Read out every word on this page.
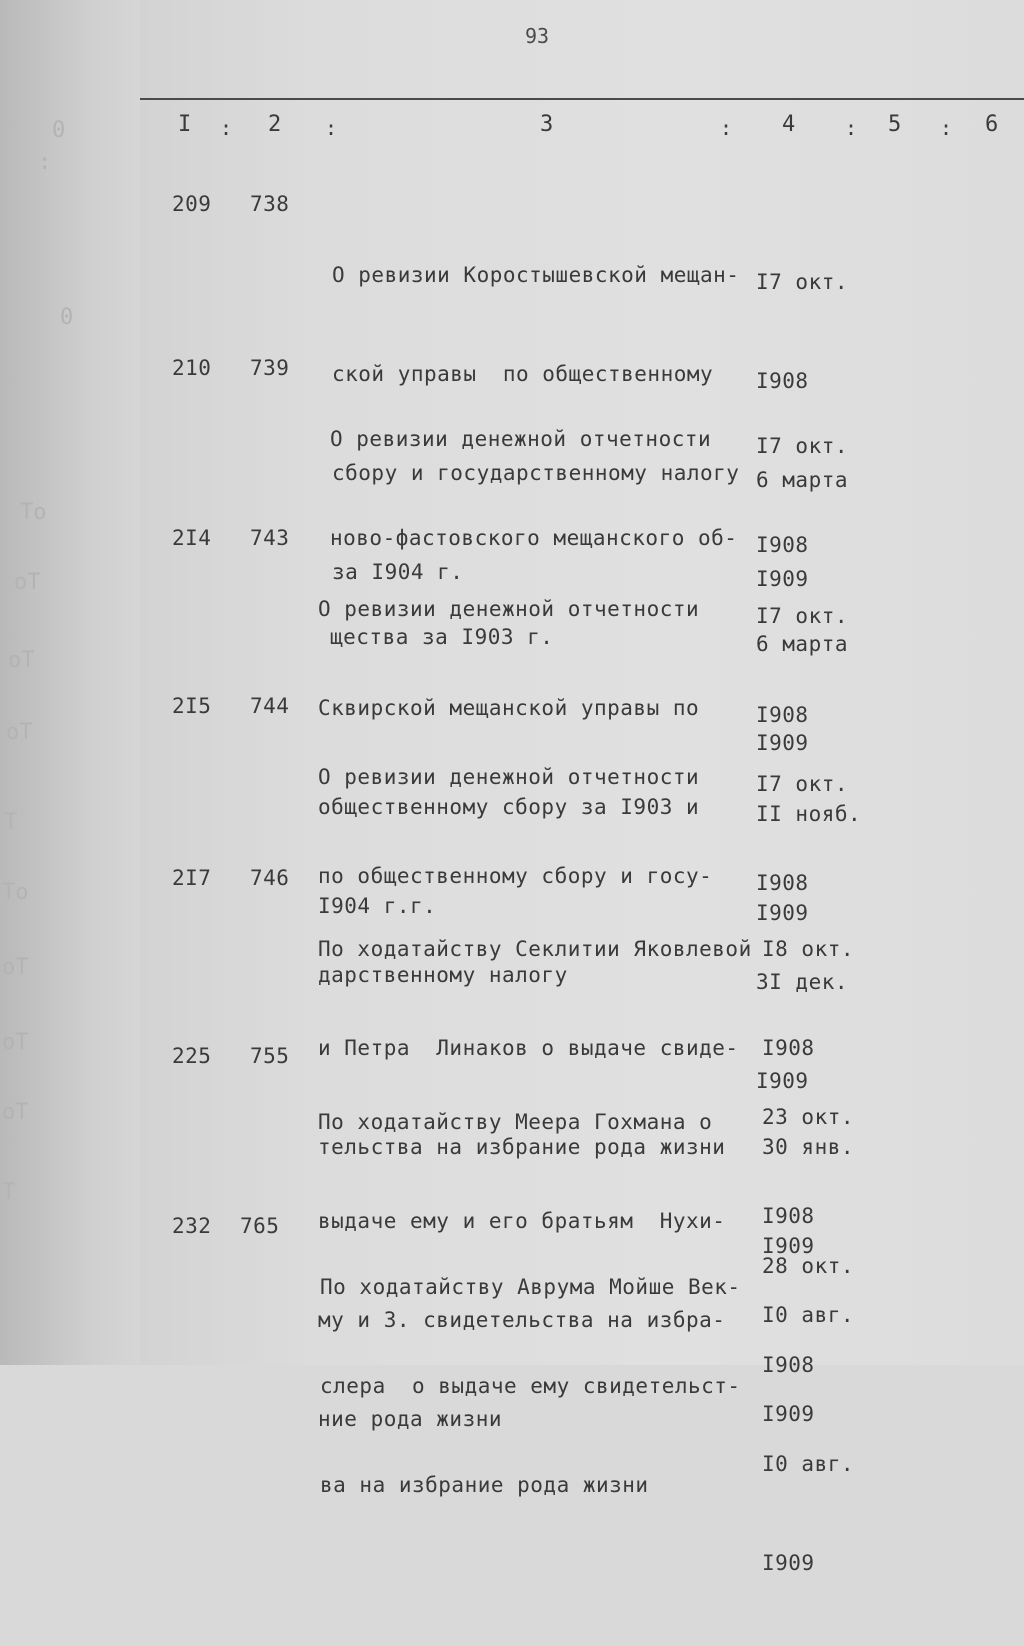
0
:
0
То
оТ
оТ
оТ
Т
То
оТ
оТ
оТ
Т
93
I : 2 :	3	: 4 : 5 : 6
209 738

О ревизии Коростышевской мещан-

ской управы  по общественному

сбору и государственному налогу

за I904 г.

I7 окт.

I908

6 марта

I909

210 739

О ревизии денежной отчетности

ново-фастовского мещанского об-

щества за I903 г.

I7 окт.

I908

6 марта

I909

2I4 743

О ревизии денежной отчетности

Сквирской мещанской управы по

общественному сбору за I903 и

I904 г.г.

I7 окт.

I908

II нояб.

I909

2I5 744

О ревизии денежной отчетности

по общественному сбору и госу-

дарственному налогу

I7 окт.

I908

3I дек.

I909

2I7 746

По ходатайству Секлитии Яковлевой

и Петра  Линаков о выдаче свиде-

тельства на избрание рода жизни

I8 окт.

I908

30 янв.

I909

225 755

По ходатайству Меера Гохмана о

выдаче ему и его братьям  Нухи-

му и З. свидетельства на избра-

ние рода жизни

23 окт.

I908

I0 авг.

I909

232 765

По ходатайству Аврума Мойше Век-

слера  о выдаче ему свидетельст-

ва на избрание рода жизни

28 окт.

I908

I0 авг.

I909
